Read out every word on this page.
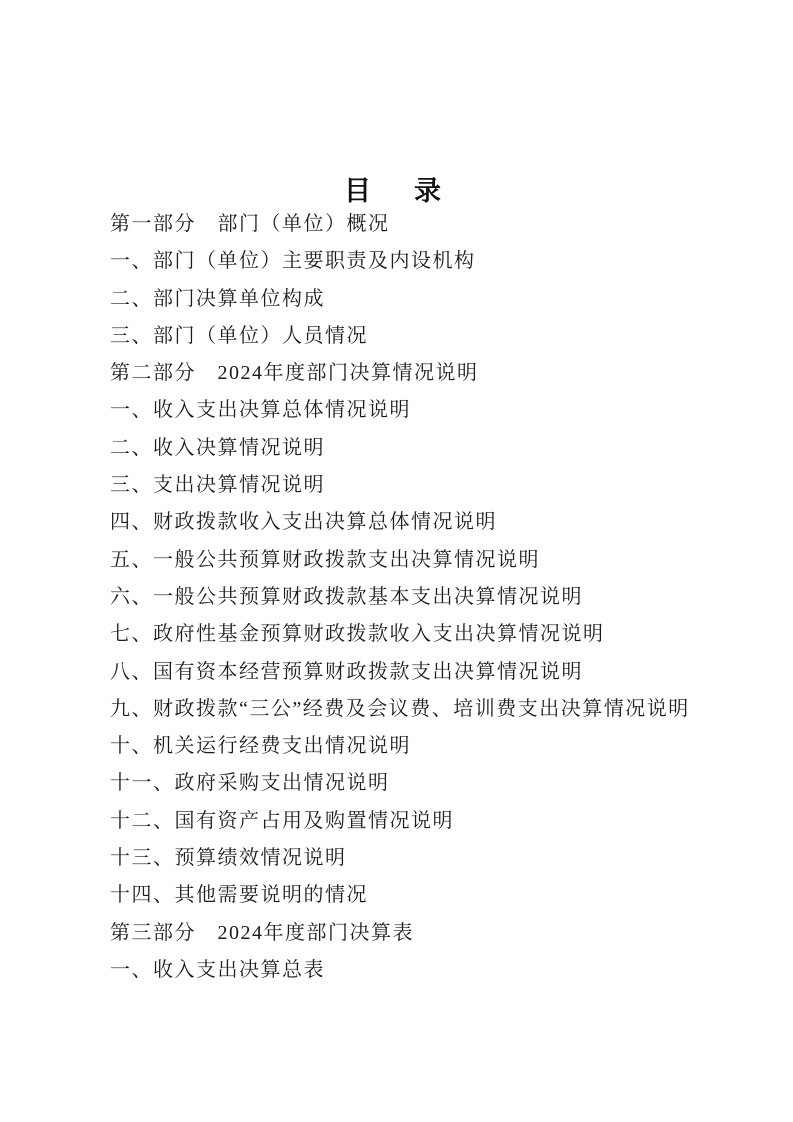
目　录
第一部分　部门（单位）概况
一、部门（单位）主要职责及内设机构
二、部门决算单位构成
三、部门（单位）人员情况
第二部分　2024年度部门决算情况说明
一、收入支出决算总体情况说明
二、收入决算情况说明
三、支出决算情况说明
四、财政拨款收入支出决算总体情况说明
五、一般公共预算财政拨款支出决算情况说明
六、一般公共预算财政拨款基本支出决算情况说明
七、政府性基金预算财政拨款收入支出决算情况说明
八、国有资本经营预算财政拨款支出决算情况说明
九、财政拨款“三公”经费及会议费、培训费支出决算情况说明
十、机关运行经费支出情况说明
十一、政府采购支出情况说明
十二、国有资产占用及购置情况说明
十三、预算绩效情况说明
十四、其他需要说明的情况
第三部分　2024年度部门决算表
一、收入支出决算总表
